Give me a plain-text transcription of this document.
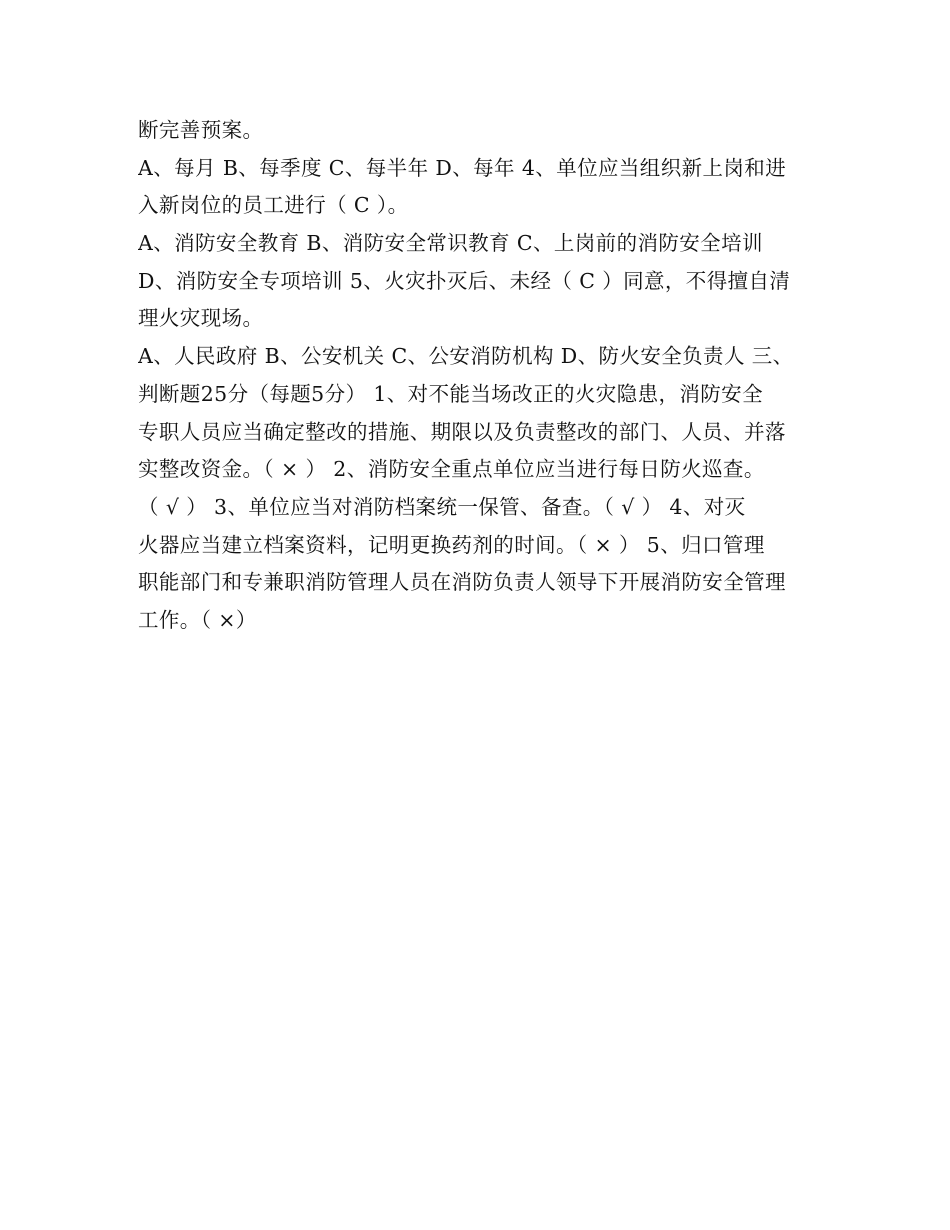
断完善预案。
A、每月 B、每季度 C、每半年 D、每年 4、单位应当组织新上岗和进
入新岗位的员工进行（ C ）。
A、消防安全教育 B、消防安全常识教育 C、上岗前的消防安全培训
D、消防安全专项培训 5、火灾扑灭后、未经（ C ）同意，不得擅自清
理火灾现场。
A、人民政府 B、公安机关 C、公安消防机构 D、防火安全负责人 三、
判断题25分（每题5分） 1、对不能当场改正的火灾隐患，消防安全
专职人员应当确定整改的措施、期限以及负责整改的部门、人员、并落
实整改资金。（ × ） 2、消防安全重点单位应当进行每日防火巡查。
（ √ ） 3、单位应当对消防档案统一保管、备查。（ √ ） 4、对灭
火器应当建立档案资料，记明更换药剂的时间。（ × ） 5、归口管理
职能部门和专兼职消防管理人员在消防负责人领导下开展消防安全管理
工作。（ ×）
